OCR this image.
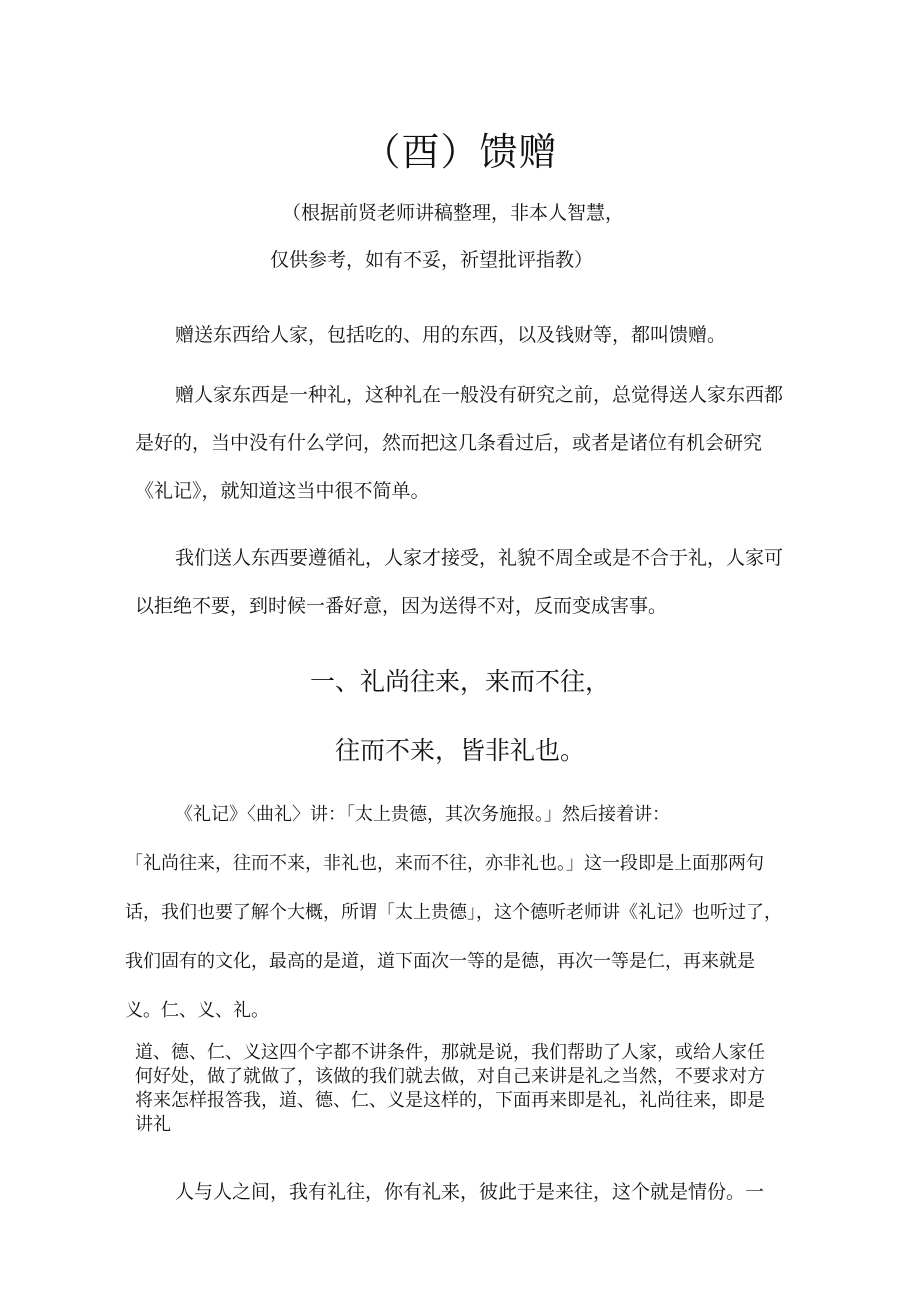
（酉）馈赠
（根据前贤老师讲稿整理，非本人智慧，
仅供参考，如有不妥，祈望批评指教）
赠送东西给人家，包括吃的、用的东西，以及钱财等，都叫馈赠。
赠人家东西是一种礼，这种礼在一般没有研究之前，总觉得送人家东西都是好的，当中没有什么学问，然而把这几条看过后，或者是诸位有机会研究《礼记》，就知道这当中很不简单。
我们送人东西要遵循礼，人家才接受，礼貌不周全或是不合于礼，人家可以拒绝不要，到时候一番好意，因为送得不对，反而变成害事。
一、礼尚往来，来而不往，
往而不来，皆非礼也。
《礼记》〈曲礼〉讲：「太上贵德，其次务施报。」然后接着讲：
「礼尚往来，往而不来，非礼也，来而不往，亦非礼也。」这一段即是上面那两句话，我们也要了解个大概，所谓「太上贵德」，这个德听老师讲《礼记》也听过了，我们固有的文化，最高的是道，道下面次一等的是德，再次一等是仁，再来就是义。仁、义、礼。
道、德、仁、义这四个字都不讲条件，那就是说，我们帮助了人家，或给人家任何好处，做了就做了，该做的我们就去做，对自己来讲是礼之当然，不要求对方将来怎样报答我，道、德、仁、义是这样的，下面再来即是礼，礼尚往来，即是讲礼
人与人之间，我有礼往，你有礼来，彼此于是来往，这个就是情份。一
